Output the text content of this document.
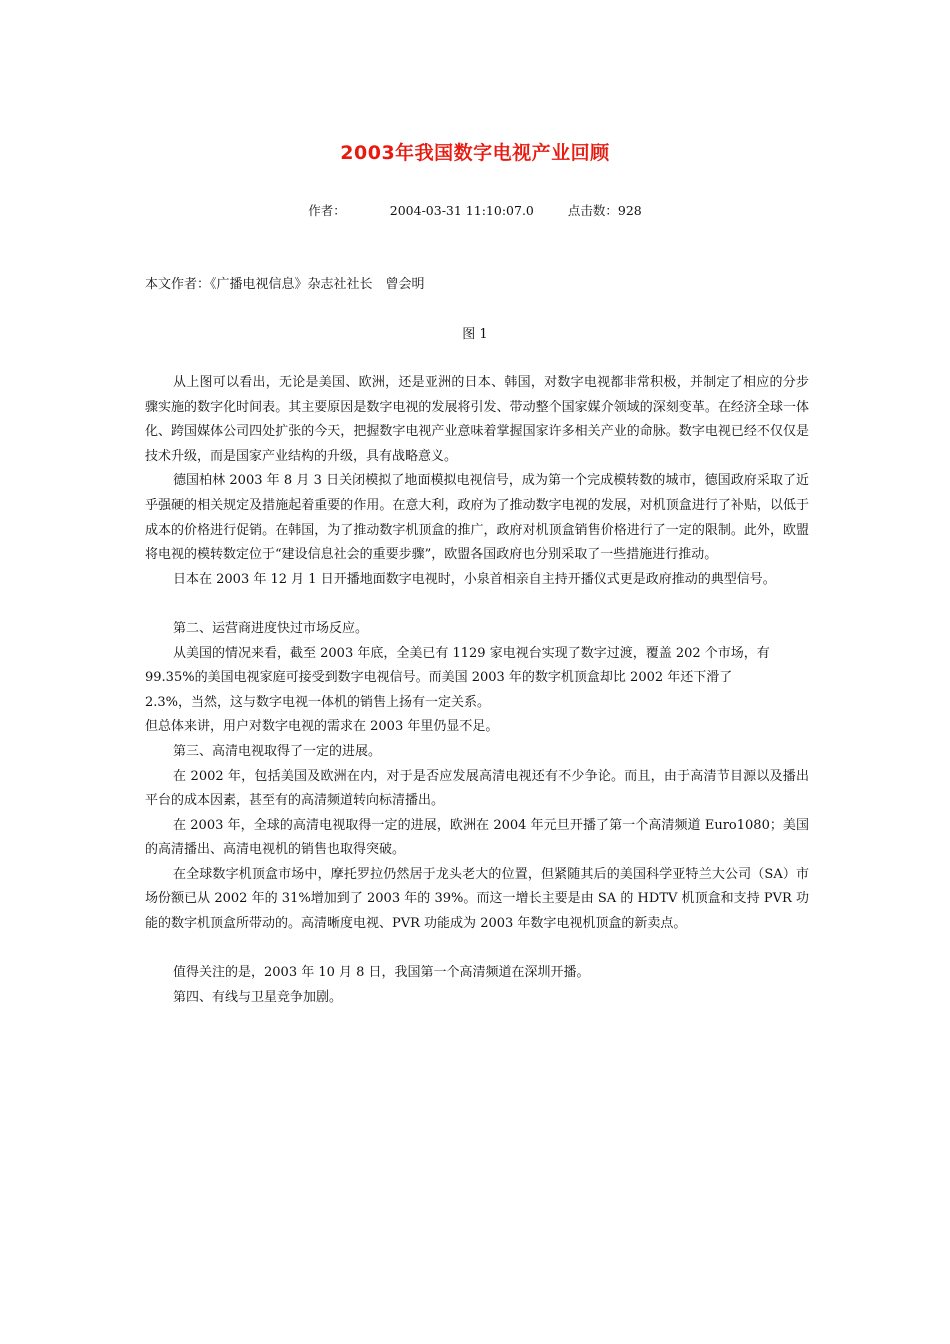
2003年我国数字电视产业回顾
作者：	2004-03-31 11:10:07.0	点击数：928
本文作者：《广播电视信息》杂志社社长　曾会明
图 1

从上图可以看出，无论是美国、欧洲，还是亚洲的日本、韩国，对数字电视都非常积极，并制定了相应的分步骤实施的数字化时间表。其主要原因是数字电视的发展将引发、带动整个国家媒介领域的深刻变革。在经济全球一体化、跨国媒体公司四处扩张的今天，把握数字电视产业意味着掌握国家许多相关产业的命脉。数字电视已经不仅仅是技术升级，而是国家产业结构的升级，具有战略意义。

德国柏林 2003 年 8 月 3 日关闭模拟了地面模拟电视信号，成为第一个完成模转数的城市，德国政府采取了近乎强硬的相关规定及措施起着重要的作用。在意大利，政府为了推动数字电视的发展，对机顶盒进行了补贴，以低于成本的价格进行促销。在韩国，为了推动数字机顶盒的推广，政府对机顶盒销售价格进行了一定的限制。此外，欧盟将电视的模转数定位于“建设信息社会的重要步骤”，欧盟各国政府也分别采取了一些措施进行推动。

日本在 2003 年 12 月 1 日开播地面数字电视时，小泉首相亲自主持开播仪式更是政府推动的典型信号。

第二、运营商进度快过市场反应。

从美国的情况来看，截至 2003 年底，全美已有 1129 家电视台实现了数字过渡，覆盖 202 个市场，有

99.35%的美国电视家庭可接受到数字电视信号。而美国 2003 年的数字机顶盒却比 2002 年还下滑了

2.3%，当然，这与数字电视一体机的销售上扬有一定关系。

但总体来讲，用户对数字电视的需求在 2003 年里仍显不足。

第三、高清电视取得了一定的进展。

在 2002 年，包括美国及欧洲在内，对于是否应发展高清电视还有不少争论。而且，由于高清节目源以及播出平台的成本因素，甚至有的高清频道转向标清播出。

在 2003 年，全球的高清电视取得一定的进展，欧洲在 2004 年元旦开播了第一个高清频道 Euro1080；美国的高清播出、高清电视机的销售也取得突破。

在全球数字机顶盒市场中，摩托罗拉仍然居于龙头老大的位置，但紧随其后的美国科学亚特兰大公司（SA）市场份额已从 2002 年的 31%增加到了 2003 年的 39%。而这一增长主要是由 SA 的 HDTV 机顶盒和支持 PVR 功能的数字机顶盒所带动的。高清晰度电视、PVR 功能成为 2003 年数字电视机顶盒的新卖点。

值得关注的是，2003 年 10 月 8 日，我国第一个高清频道在深圳开播。

第四、有线与卫星竞争加剧。
